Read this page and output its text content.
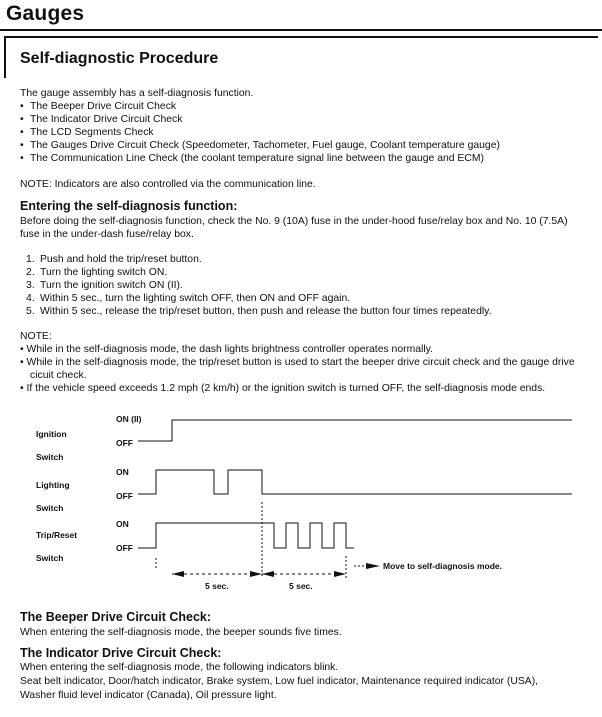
Gauges
Self-diagnostic Procedure

The gauge assembly has a self-diagnosis function.

• The Beeper Drive Circuit Check
• The Indicator Drive Circuit Check
• The LCD Segments Check
• The Gauges Drive Circuit Check (Speedometer, Tachometer, Fuel gauge, Coolant temperature gauge)
• The Communication Line Check (the coolant temperature signal line between the gauge and ECM)

NOTE: Indicators are also controlled via the communication line.

Entering the self-diagnosis function:

Before doing the self-diagnosis function, check the No. 9 (10A) fuse in the under-hood fuse/relay box and No. 10 (7.5A)

fuse in the under-dash fuse/relay box.

1. Push and hold the trip/reset button.
2. Turn the lighting switch ON.
3. Turn the ignition switch ON (II).
4. Within 5 sec., turn the lighting switch OFF, then ON and OFF again.
5. Within 5 sec., release the trip/reset button, then push and release the button four times repeatedly.

NOTE:

• While in the self-diagnosis mode, the dash lights brightness controller operates normally.
• While in the self-diagnosis mode, the trip/reset button is used to start the beeper drive circuit check and the gauge drive cicuit check.
• If the vehicle speed exceeds 1.2 mph (2 km/h) or the ignition switch is turned OFF, the self-diagnosis mode ends.
Ignition
Switch
ON (II)
OFF
Lighting
Switch
ON
OFF
Trip/Reset
Switch
ON
OFF
Move to self-diagnosis mode.
5 sec.	5 sec.
The Beeper Drive Circuit Check:

When entering the self-diagnosis mode, the beeper sounds five times.

The Indicator Drive Circuit Check:

When entering the self-diagnosis mode, the following indicators blink.

Seat belt indicator, Door/hatch indicator, Brake system, Low fuel indicator, Maintenance required indicator (USA),

Washer fluid level indicator (Canada), Oil pressure light.
